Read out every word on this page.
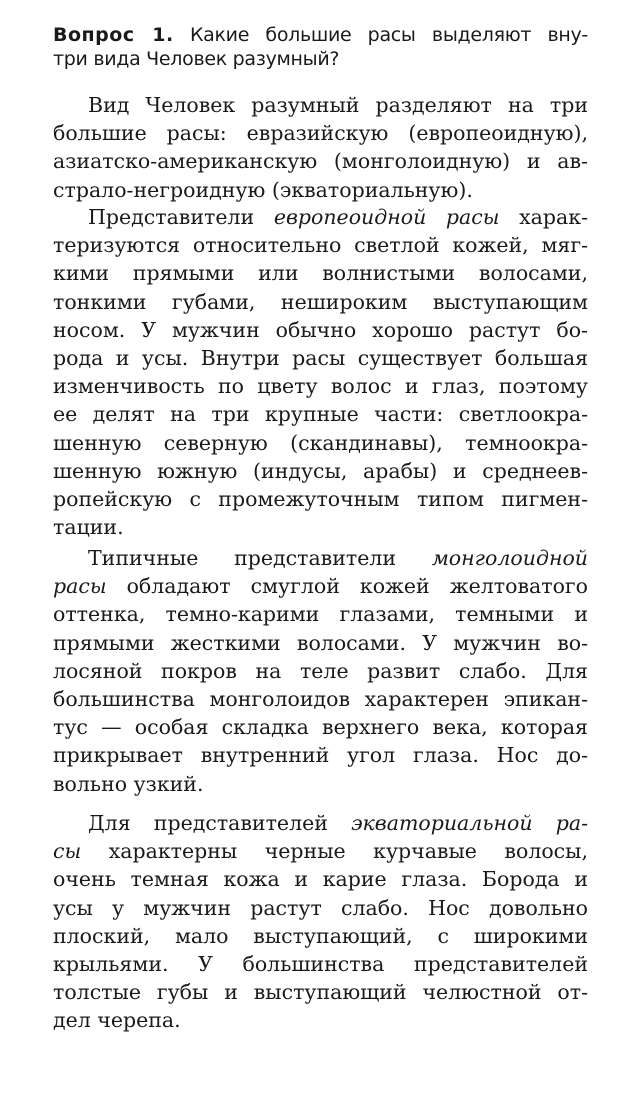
Вопрос 1. Какие большие расы выделяют вну-
три вида Человек разумный?
Вид Человек разумный разделяют на три
большие расы: евразийскую (европеоидную),
азиатско-американскую (монголоидную) и ав-
страло-негроидную (экваториальную).
Представители европеоидной расы харак-
теризуются относительно светлой кожей, мяг-
кими прямыми или волнистыми волосами,
тонкими губами, нешироким выступающим
носом. У мужчин обычно хорошо растут бо-
рода и усы. Внутри расы существует большая
изменчивость по цвету волос и глаз, поэтому
ее делят на три крупные части: светлоокра-
шенную северную (скандинавы), темноокра-
шенную южную (индусы, арабы) и среднеев-
ропейскую с промежуточным типом пигмен-
тации.
Типичные представители монголоидной
расы обладают смуглой кожей желтоватого
оттенка, темно-карими глазами, темными и
прямыми жесткими волосами. У мужчин во-
лосяной покров на теле развит слабо. Для
большинства монголоидов характерен эпикан-
тус — особая складка верхнего века, которая
прикрывает внутренний угол глаза. Нос до-
вольно узкий.
Для представителей экваториальной ра-
сы характерны черные курчавые волосы,
очень темная кожа и карие глаза. Борода и
усы у мужчин растут слабо. Нос довольно
плоский, мало выступающий, с широкими
крыльями. У большинства представителей
толстые губы и выступающий челюстной от-
дел черепа.
